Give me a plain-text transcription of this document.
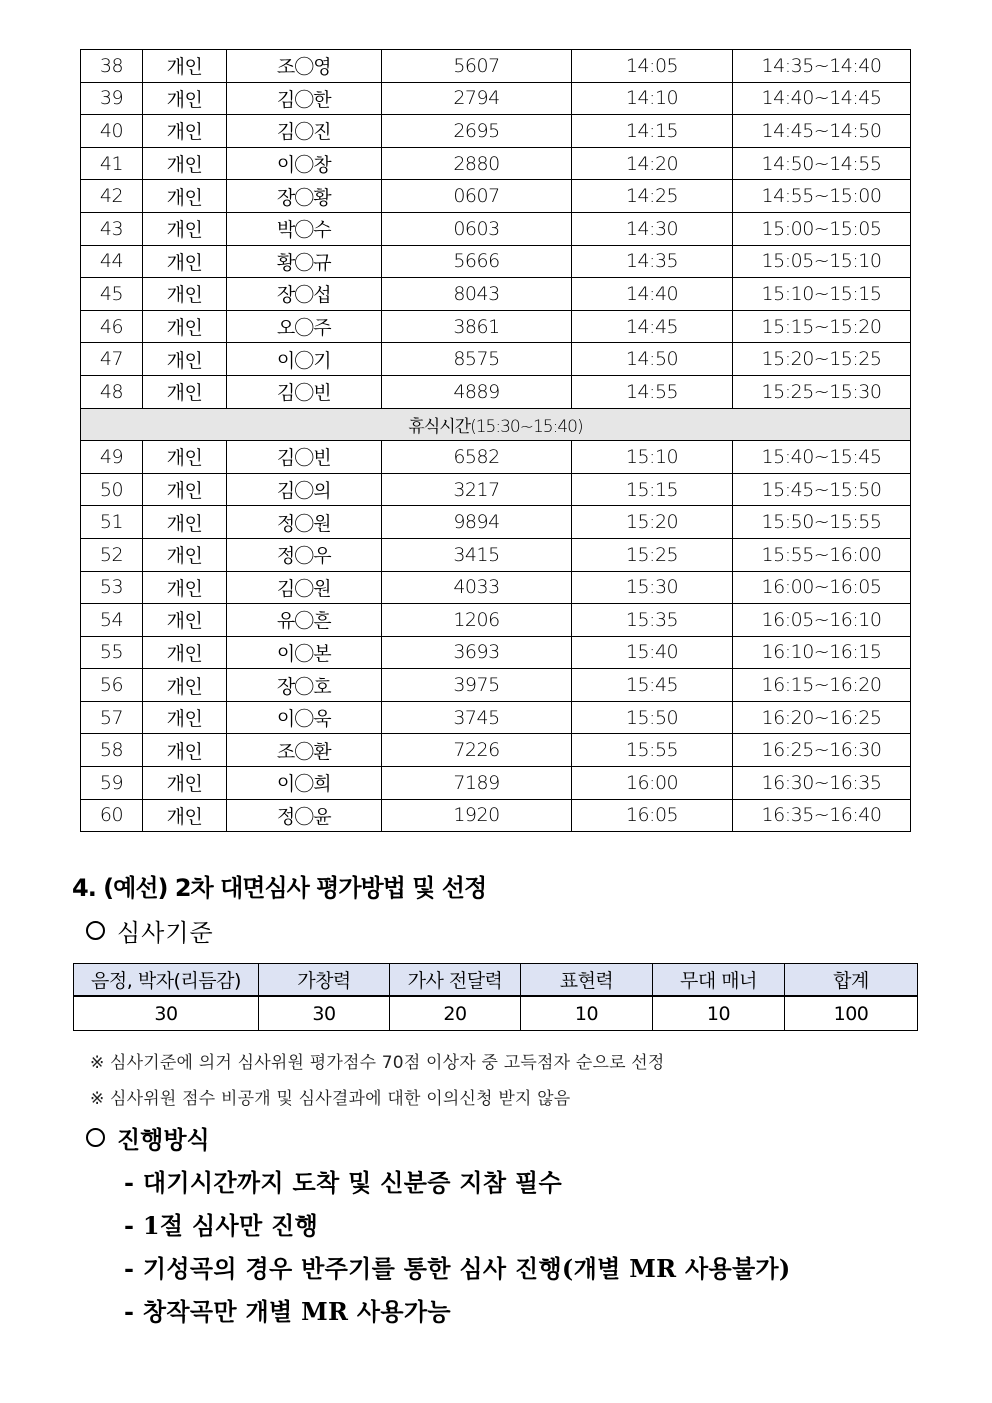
38	개인	조◯영	5607	14:05	14:35~14:40
39	개인	김◯한	2794	14:10	14:40~14:45
40	개인	김◯진	2695	14:15	14:45~14:50
41	개인	이◯창	2880	14:20	14:50~14:55
42	개인	장◯황	0607	14:25	14:55~15:00
43	개인	박◯수	0603	14:30	15:00~15:05
44	개인	황◯규	5666	14:35	15:05~15:10
45	개인	장◯섭	8043	14:40	15:10~15:15
46	개인	오◯주	3861	14:45	15:15~15:20
47	개인	이◯기	8575	14:50	15:20~15:25
48	개인	김◯빈	4889	14:55	15:25~15:30
휴식시간(15:30~15:40)					
49	개인	김◯빈	6582	15:10	15:40~15:45
50	개인	김◯의	3217	15:15	15:45~15:50
51	개인	정◯원	9894	15:20	15:50~15:55
52	개인	정◯우	3415	15:25	15:55~16:00
53	개인	김◯원	4033	15:30	16:00~16:05
54	개인	유◯흔	1206	15:35	16:05~16:10
55	개인	이◯본	3693	15:40	16:10~16:15
56	개인	장◯호	3975	15:45	16:15~16:20
57	개인	이◯욱	3745	15:50	16:20~16:25
58	개인	조◯환	7226	15:55	16:25~16:30
59	개인	이◯희	7189	16:00	16:30~16:35
60	개인	정◯윤	1920	16:05	16:35~16:40
4. (예선) 2차 대면심사 평가방법 및 선정
심사기준
음정, 박자(리듬감)	가창력	가사 전달력	표현력	무대 매너	합계
30	30	20	10	10	100
※ 심사기준에 의거 심사위원 평가점수 70점 이상자 중 고득점자 순으로 선정
※ 심사위원 점수 비공개 및 심사결과에 대한 이의신청 받지 않음
진행방식
- 대기시간까지 도착 및 신분증 지참 필수
- 1절 심사만 진행
- 기성곡의 경우 반주기를 통한 심사 진행(개별 MR 사용불가)
- 창작곡만 개별 MR 사용가능
